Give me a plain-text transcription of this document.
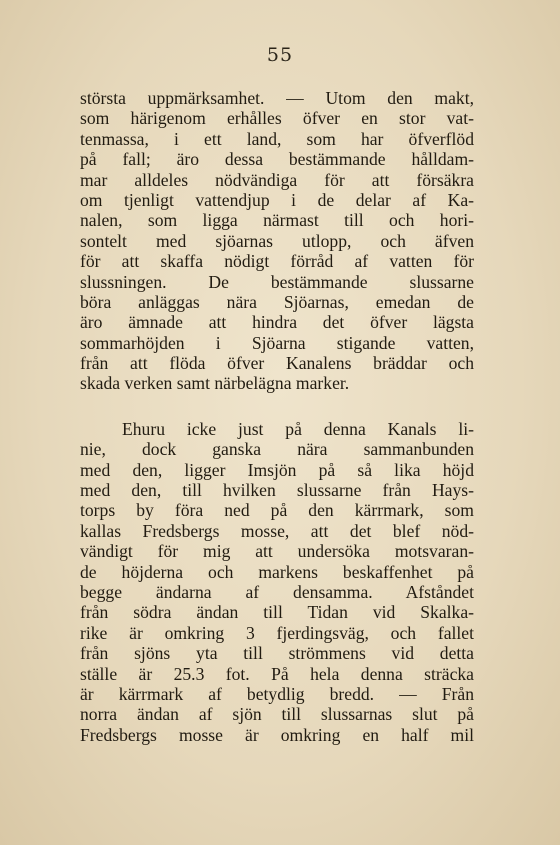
55
största uppmärksamhet. — Utom den makt,
som härigenom erhålles öfver en stor vat-
tenmassa, i ett land, som har öfverflöd
på fall; äro dessa bestämmande hålldam-
mar alldeles nödvändiga för att försäkra
om tjenligt vattendjup i de delar af Ka-
nalen, som ligga närmast till och hori-
sontelt med sjöarnas utlopp, och äfven
för att skaffa nödigt förråd af vatten för
slussningen. De bestämmande slussarne
böra anläggas nära Sjöarnas, emedan de
äro ämnade att hindra det öfver lägsta
sommarhöjden i Sjöarna stigande vatten,
från att flöda öfver Kanalens bräddar och
skada verken samt närbelägna marker.
Ehuru icke just på denna Kanals li-
nie, dock ganska nära sammanbunden
med den, ligger Imsjön på så lika höjd
med den, till hvilken slussarne från Hays-
torps by föra ned på den kärrmark, som
kallas Fredsbergs mosse, att det blef nöd-
vändigt för mig att undersöka motsvaran-
de höjderna och markens beskaffenhet på
begge ändarna af densamma. Afståndet
från södra ändan till Tidan vid Skalka-
rike är omkring 3 fjerdingsväg, och fallet
från sjöns yta till strömmens vid detta
ställe är 25.3 fot. På hela denna sträcka
är kärrmark af betydlig bredd. — Från
norra ändan af sjön till slussarnas slut på
Fredsbergs mosse är omkring en half mil
